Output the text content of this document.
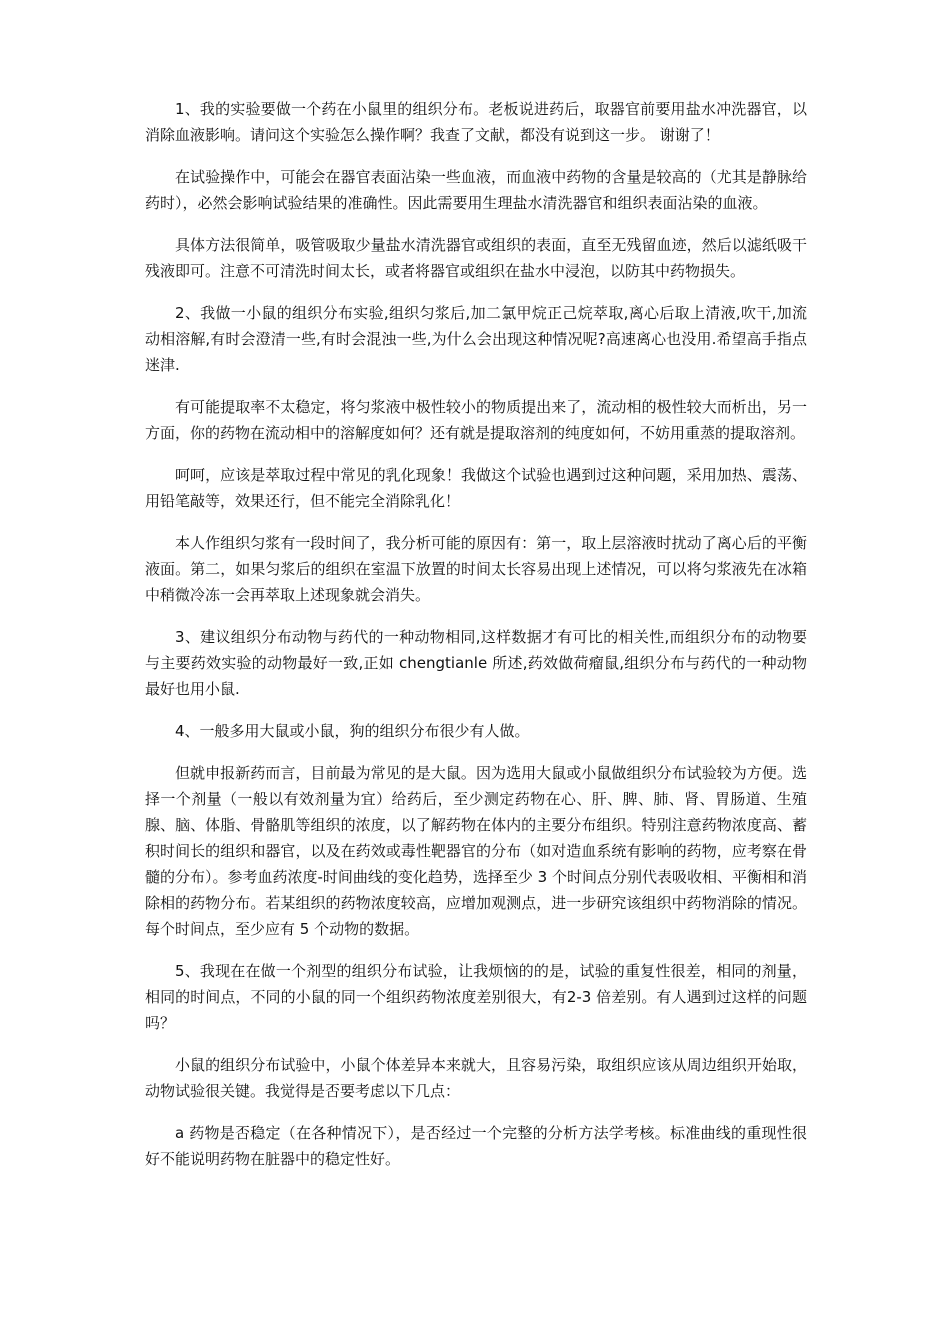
1、我的实验要做一个药在小鼠里的组织分布。老板说进药后，取器官前要用盐水冲洗器官，以消除血液影响。请问这个实验怎么操作啊？我查了文献，都没有说到这一步。 谢谢了！

在试验操作中，可能会在器官表面沾染一些血液，而血液中药物的含量是较高的（尤其是静脉给药时），必然会影响试验结果的准确性。因此需要用生理盐水清洗器官和组织表面沾染的血液。

具体方法很简单，吸管吸取少量盐水清洗器官或组织的表面，直至无残留血迹，然后以滤纸吸干残液即可。注意不可清洗时间太长，或者将器官或组织在盐水中浸泡，以防其中药物损失。

2、我做一小鼠的组织分布实验,组织匀浆后,加二氯甲烷正己烷萃取,离心后取上清液,吹干,加流动相溶解,有时会澄清一些,有时会混浊一些,为什么会出现这种情况呢?高速离心也没用.希望高手指点迷津.

有可能提取率不太稳定，将匀浆液中极性较小的物质提出来了，流动相的极性较大而析出，另一方面，你的药物在流动相中的溶解度如何？还有就是提取溶剂的纯度如何，不妨用重蒸的提取溶剂。

呵呵，应该是萃取过程中常见的乳化现象！我做这个试验也遇到过这种问题，采用加热、震荡、用铅笔敲等，效果还行，但不能完全消除乳化！

本人作组织匀浆有一段时间了，我分析可能的原因有：第一，取上层溶液时扰动了离心后的平衡液面。第二，如果匀浆后的组织在室温下放置的时间太长容易出现上述情况，可以将匀浆液先在冰箱中稍微冷冻一会再萃取上述现象就会消失。

3、建议组织分布动物与药代的一种动物相同,这样数据才有可比的相关性,而组织分布的动物要与主要药效实验的动物最好一致,正如 chengtianle 所述,药效做荷瘤鼠,组织分布与药代的一种动物最好也用小鼠.

4、一般多用大鼠或小鼠，狗的组织分布很少有人做。

但就申报新药而言，目前最为常见的是大鼠。因为选用大鼠或小鼠做组织分布试验较为方便。选择一个剂量（一般以有效剂量为宜）给药后，至少测定药物在心、肝、脾、肺、肾、胃肠道、生殖腺、脑、体脂、骨骼肌等组织的浓度，以了解药物在体内的主要分布组织。特别注意药物浓度高、蓄积时间长的组织和器官，以及在药效或毒性靶器官的分布（如对造血系统有影响的药物，应考察在骨髓的分布）。参考血药浓度-时间曲线的变化趋势，选择至少 3 个时间点分别代表吸收相、平衡相和消除相的药物分布。若某组织的药物浓度较高，应增加观测点，进一步研究该组织中药物消除的情况。每个时间点，至少应有 5 个动物的数据。

5、我现在在做一个剂型的组织分布试验，让我烦恼的的是，试验的重复性很差，相同的剂量，相同的时间点，不同的小鼠的同一个组织药物浓度差别很大，有2-3 倍差别。有人遇到过这样的问题吗？

小鼠的组织分布试验中，小鼠个体差异本来就大，且容易污染，取组织应该从周边组织开始取，动物试验很关键。我觉得是否要考虑以下几点：

a 药物是否稳定（在各种情况下），是否经过一个完整的分析方法学考核。标准曲线的重现性很好不能说明药物在脏器中的稳定性好。
